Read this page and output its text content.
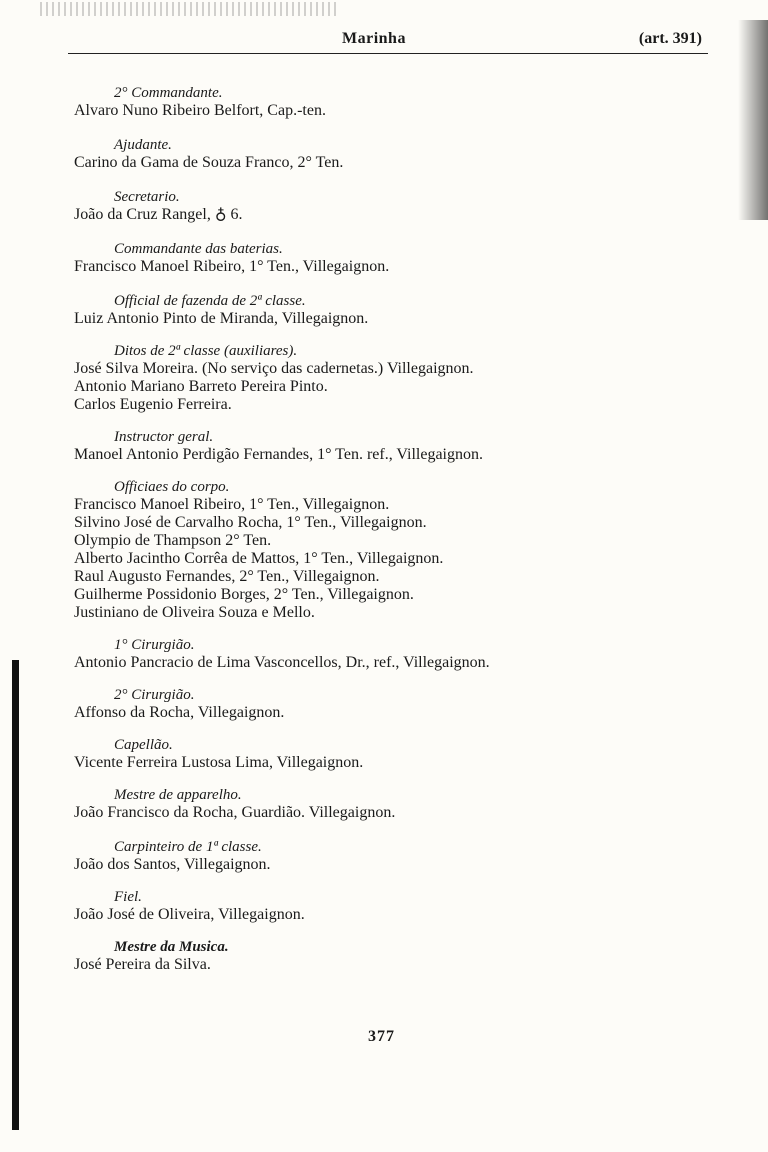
Marinha	(art. 391)

2° Commandante.

Alvaro Nuno Ribeiro Belfort, Cap.-ten.

Ajudante.

Carino da Gama de Souza Franco, 2° Ten.

Secretario.

João da Cruz Rangel, ♁ 6.

Commandante das baterias.

Francisco Manoel Ribeiro, 1° Ten., Villegaignon.

Official de fazenda de 2ª classe.

Luiz Antonio Pinto de Miranda, Villegaignon.

Ditos de 2ª classe (auxiliares).

José Silva Moreira. (No serviço das cadernetas.) Villegaignon.

Antonio Mariano Barreto Pereira Pinto.

Carlos Eugenio Ferreira.

Instructor geral.

Manoel Antonio Perdigão Fernandes, 1° Ten. ref., Villegaignon.

Officiaes do corpo.

Francisco Manoel Ribeiro, 1° Ten., Villegaignon.

Silvino José de Carvalho Rocha, 1° Ten., Villegaignon.

Olympio de Thampson 2° Ten.

Alberto Jacintho Corrêa de Mattos, 1° Ten., Villegaignon.

Raul Augusto Fernandes, 2° Ten., Villegaignon.

Guilherme Possidonio Borges, 2° Ten., Villegaignon.

Justiniano de Oliveira Souza e Mello.

1° Cirurgião.

Antonio Pancracio de Lima Vasconcellos, Dr., ref., Villegaignon.

2° Cirurgião.

Affonso da Rocha, Villegaignon.

Capellão.

Vicente Ferreira Lustosa Lima, Villegaignon.

Mestre de apparelho.

João Francisco da Rocha, Guardião. Villegaignon.

Carpinteiro de 1ª classe.

João dos Santos, Villegaignon.

Fiel.

João José de Oliveira, Villegaignon.

Mestre da Musica.

José Pereira da Silva.

377
